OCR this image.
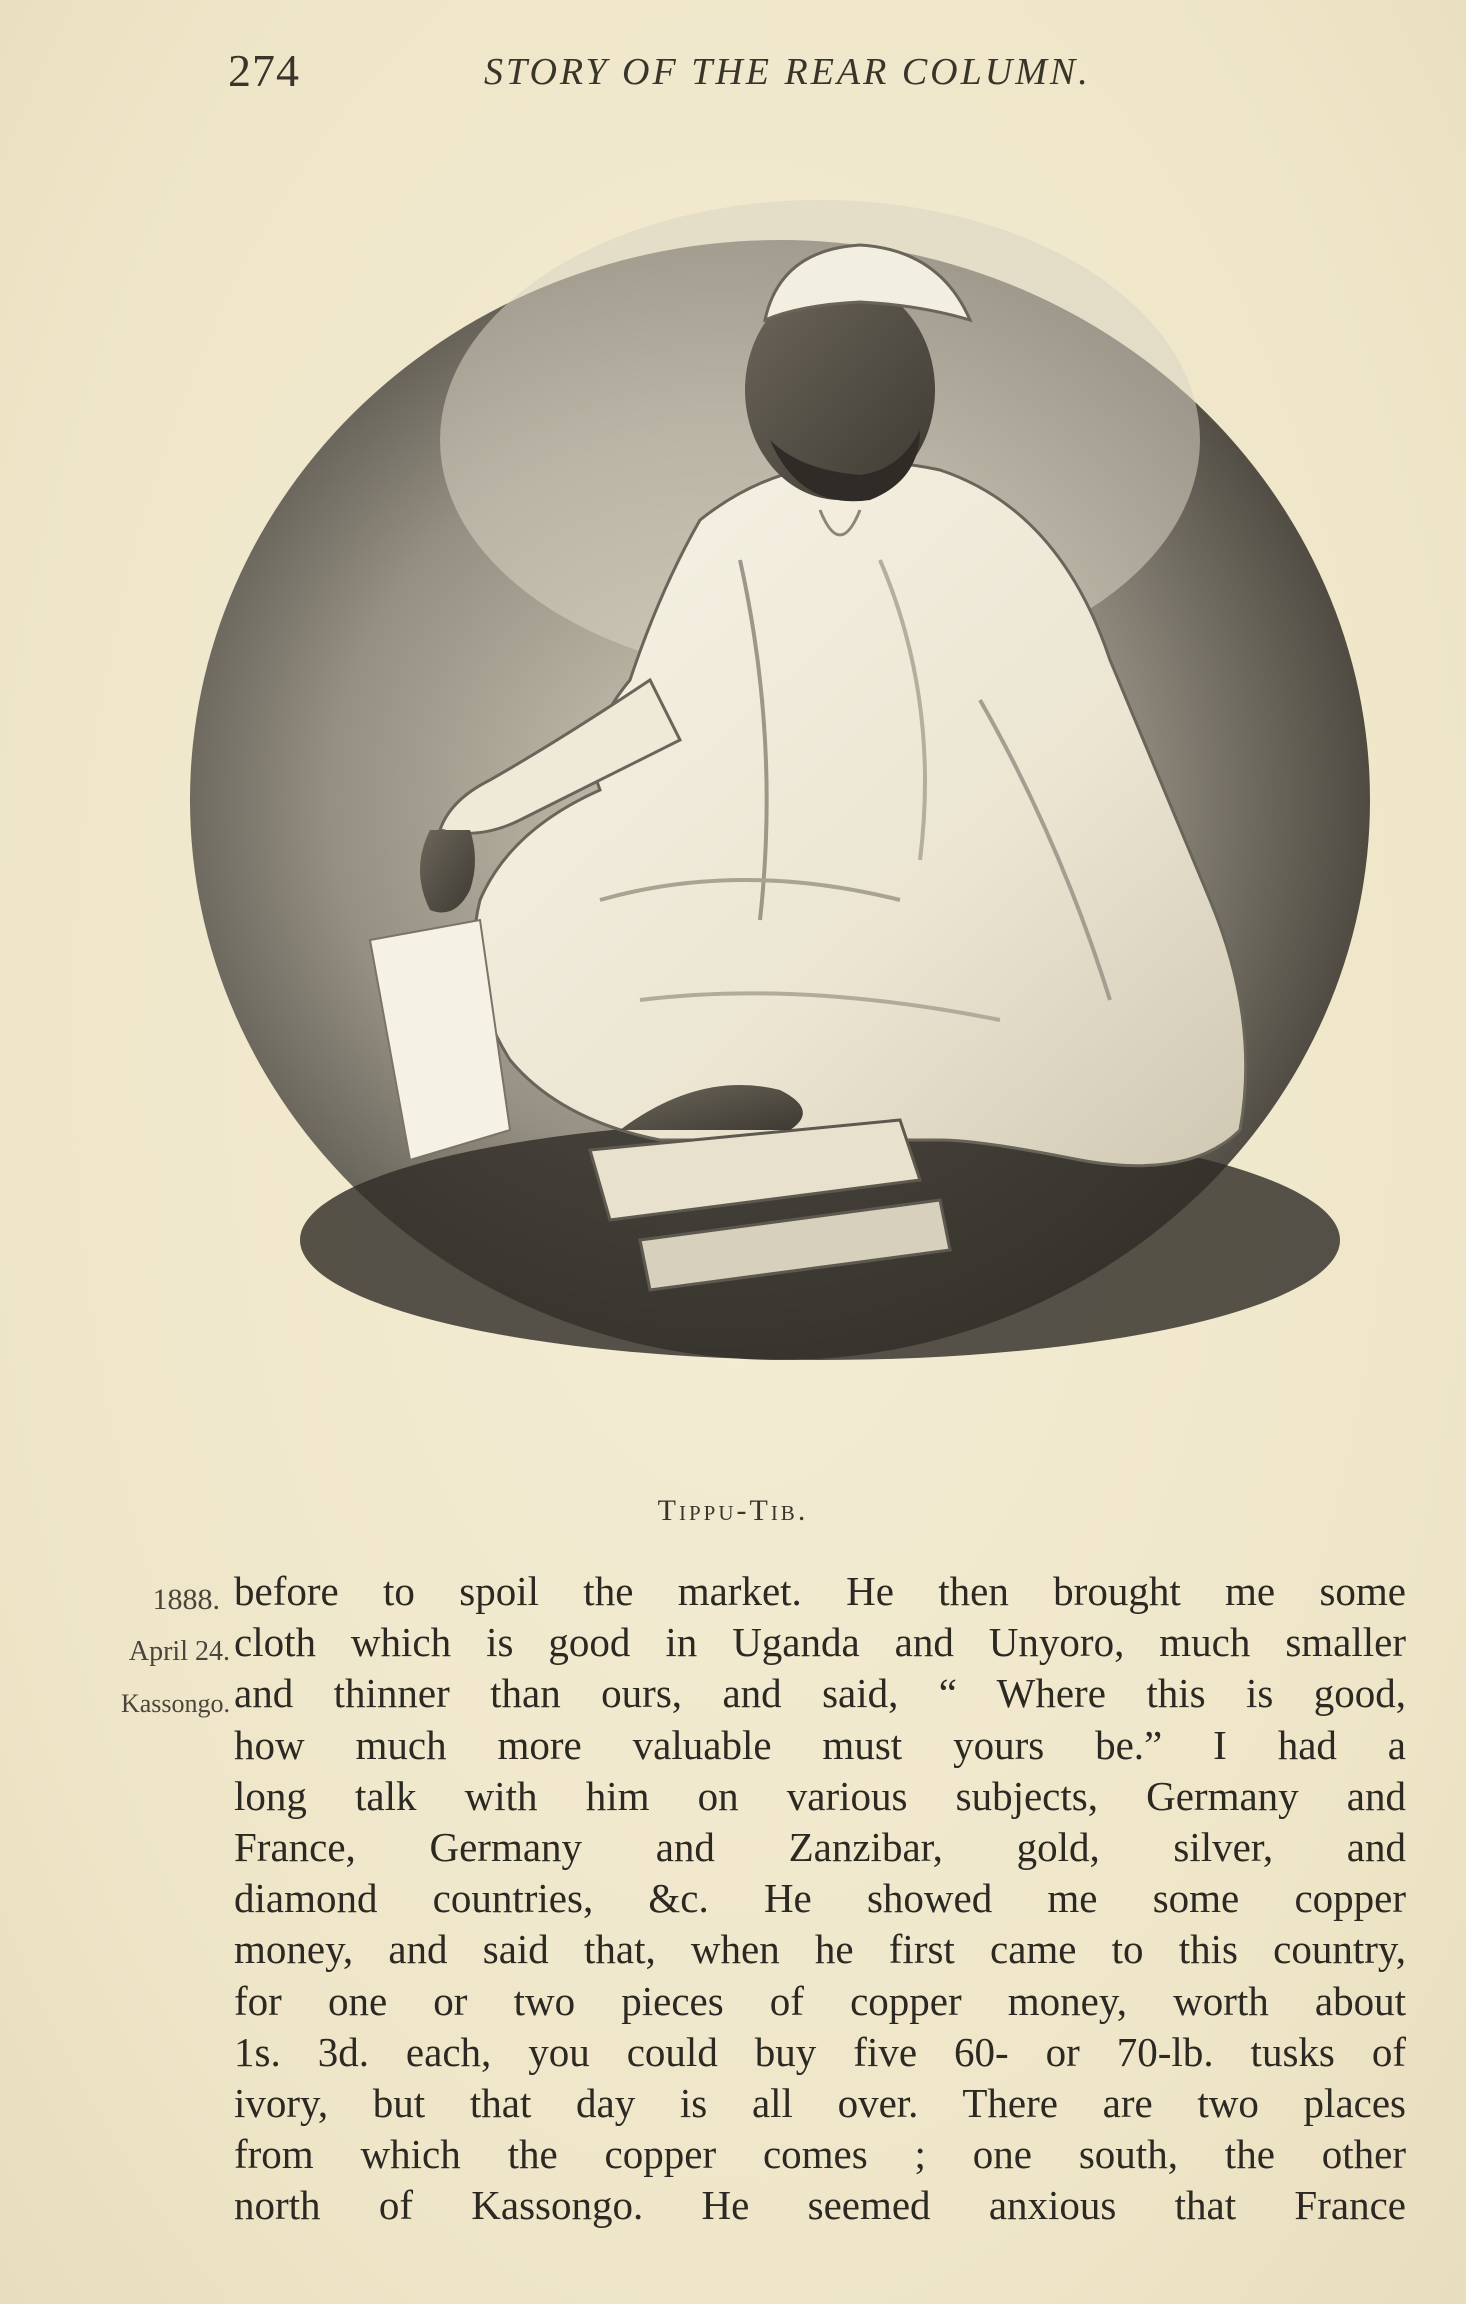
274	STORY OF THE REAR COLUMN.
Tippu-Tib.
1888.
April 24.
Kassongo.
before to spoil the market. He then brought me some
cloth which is good in Uganda and Unyoro, much smaller
and thinner than ours, and said, “ Where this is good,
how much more valuable must yours be.” I had a
long talk with him on various subjects, Germany and
France, Germany and Zanzibar, gold, silver, and
diamond countries, &c. He showed me some copper
money, and said that, when he first came to this country,
for one or two pieces of copper money, worth about
1s. 3d. each, you could buy five 60- or 70-lb. tusks of
ivory, but that day is all over. There are two places
from which the copper comes ; one south, the other
north of Kassongo. He seemed anxious that France
